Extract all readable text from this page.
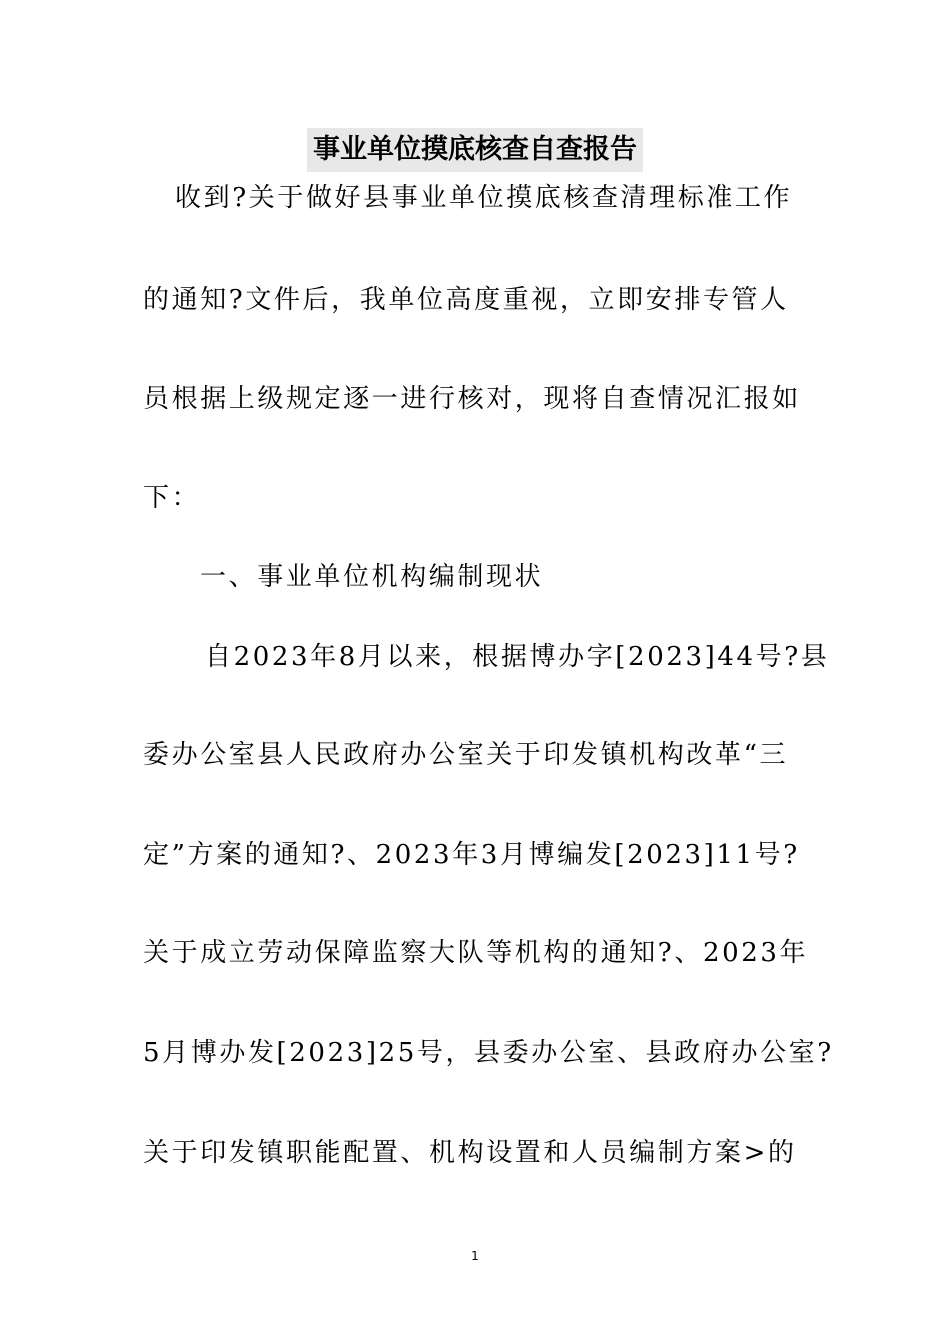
事业单位摸底核查自查报告

收到?关于做好县事业单位摸底核查清理标准工作

的通知?文件后，我单位高度重视，立即安排专管人

员根据上级规定逐一进行核对，现将自查情况汇报如

下：

一、事业单位机构编制现状

自2023年8月以来，根据博办字[2023]44号?县

委办公室县人民政府办公室关于印发镇机构改革“三

定”方案的通知?、2023年3月博编发[2023]11号?

关于成立劳动保障监察大队等机构的通知?、2023年

5月博办发[2023]25号，县委办公室、县政府办公室?

关于印发镇职能配置、机构设置和人员编制方案>的

1
